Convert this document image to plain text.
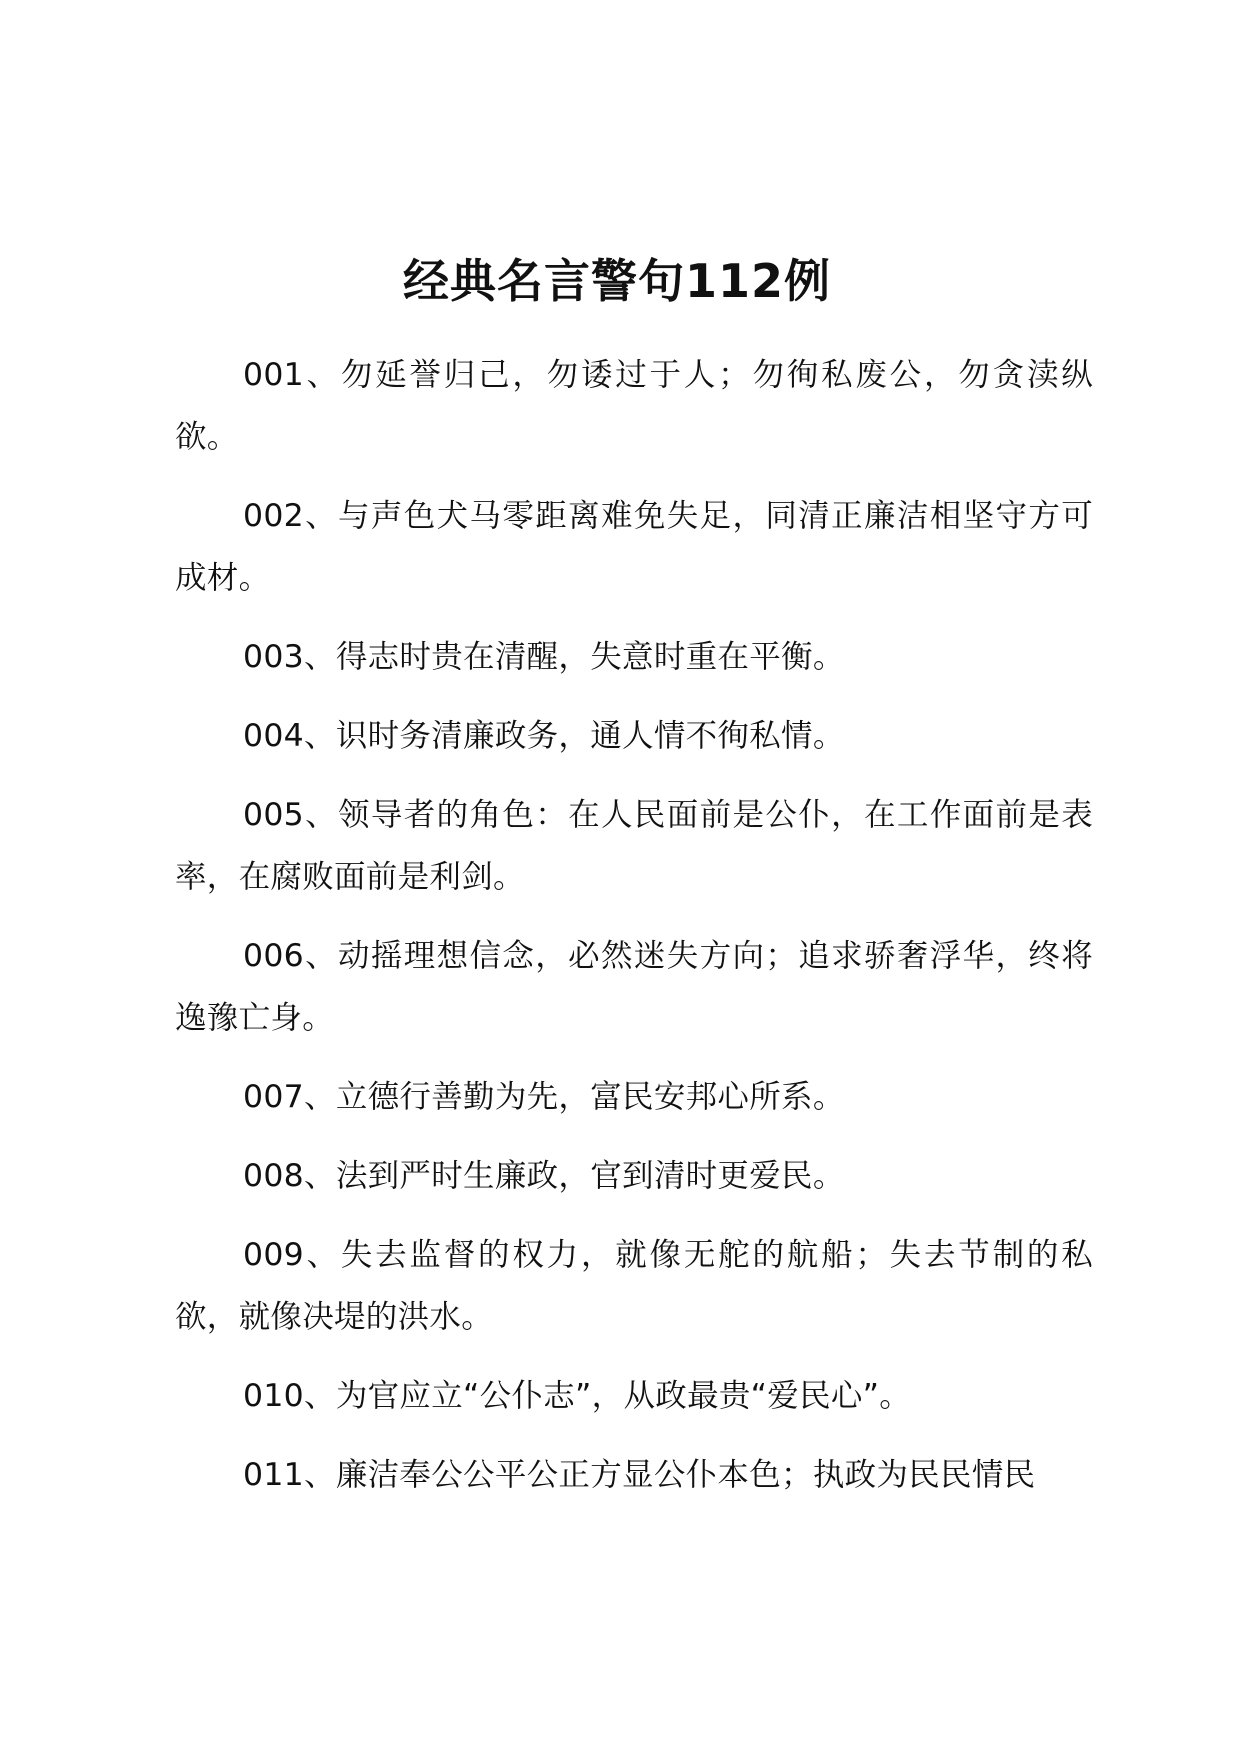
经典名言警句112例

001、勿延誉归己，勿诿过于人；勿徇私废公，勿贪渎纵欲。

002、与声色犬马零距离难免失足，同清正廉洁相坚守方可成材。

003、得志时贵在清醒，失意时重在平衡。

004、识时务清廉政务，通人情不徇私情。

005、领导者的角色：在人民面前是公仆，在工作面前是表率，在腐败面前是利剑。

006、动摇理想信念，必然迷失方向；追求骄奢浮华，终将逸豫亡身。

007、立德行善勤为先，富民安邦心所系。

008、法到严时生廉政，官到清时更爱民。

009、失去监督的权力，就像无舵的航船；失去节制的私欲，就像决堤的洪水。

010、为官应立“公仆志”，从政最贵“爱民心”。

011、廉洁奉公公平公正方显公仆本色；执政为民民情民
